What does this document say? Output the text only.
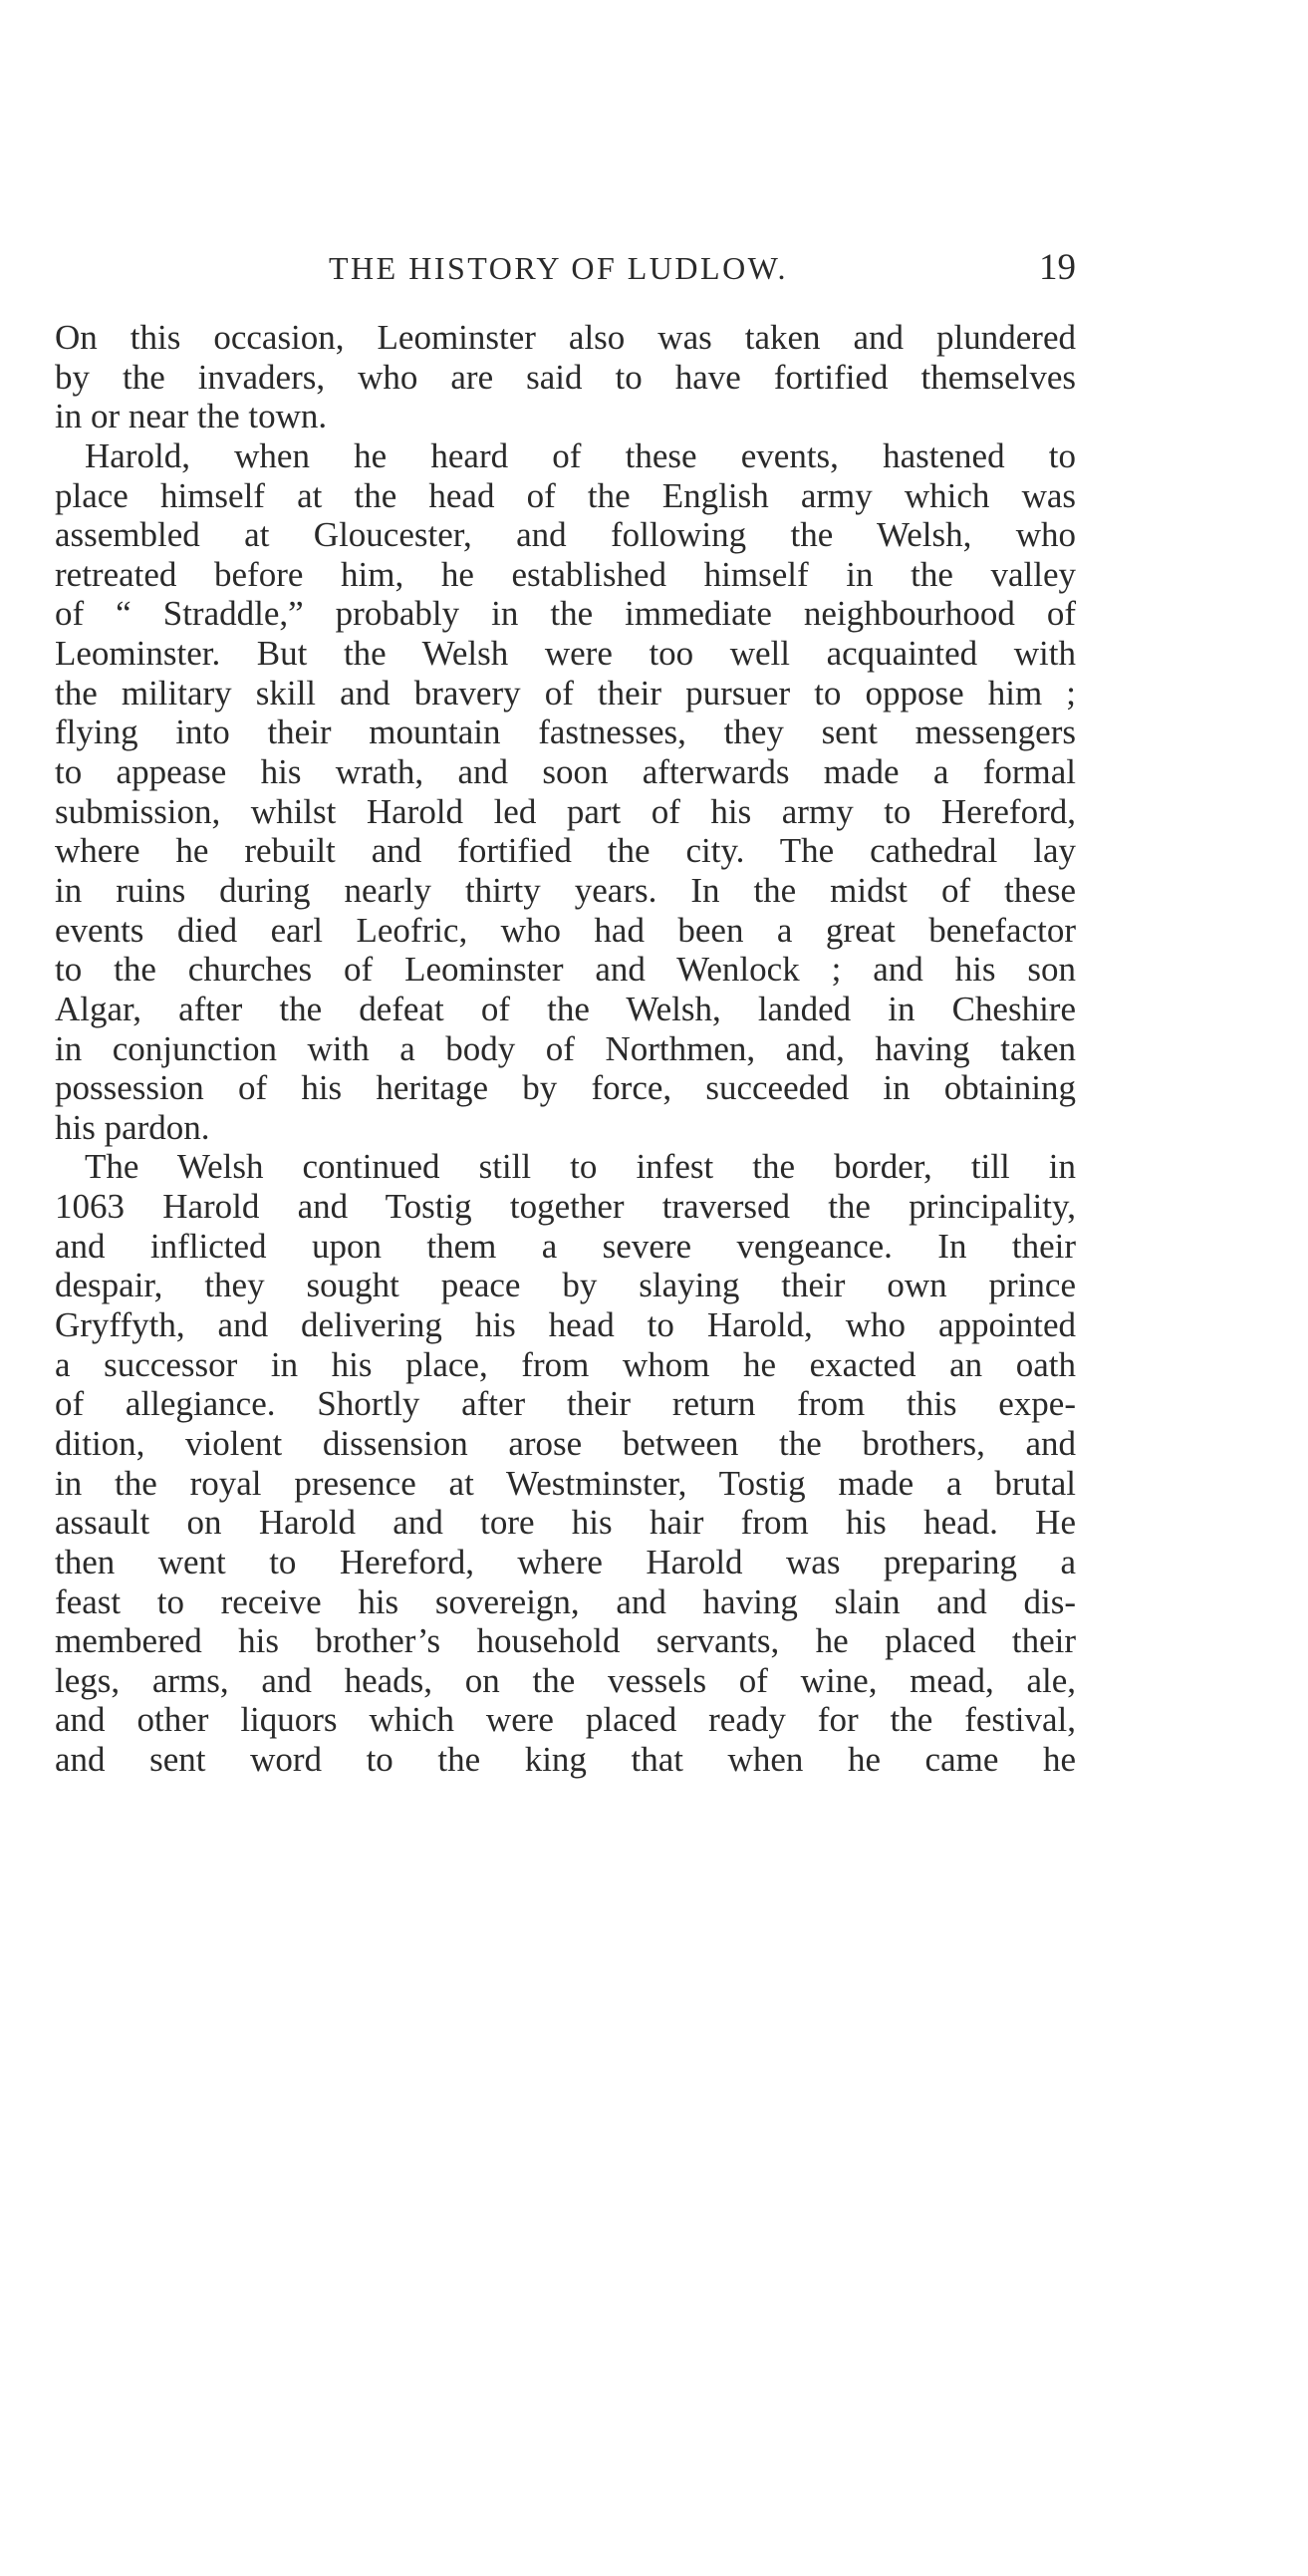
THE HISTORY OF LUDLOW.	19
On this occasion, Leominster also was taken and plundered
by the invaders, who are said to have fortified themselves
in or near the town.
Harold, when he heard of these events, hastened to
place himself at the head of the English army which was
assembled at Gloucester, and following the Welsh, who
retreated before him, he established himself in the valley
of “ Straddle,” probably in the immediate neighbourhood of
Leominster. But the Welsh were too well acquainted with
the military skill and bravery of their pursuer to oppose him ;
flying into their mountain fastnesses, they sent messengers
to appease his wrath, and soon afterwards made a formal
submission, whilst Harold led part of his army to Hereford,
where he rebuilt and fortified the city. The cathedral lay
in ruins during nearly thirty years. In the midst of these
events died earl Leofric, who had been a great benefactor
to the churches of Leominster and Wenlock ; and his son
Algar, after the defeat of the Welsh, landed in Cheshire
in conjunction with a body of Northmen, and, having taken
possession of his heritage by force, succeeded in obtaining
his pardon.
The Welsh continued still to infest the border, till in
1063 Harold and Tostig together traversed the principality,
and inflicted upon them a severe vengeance. In their
despair, they sought peace by slaying their own prince
Gryffyth, and delivering his head to Harold, who appointed
a successor in his place, from whom he exacted an oath
of allegiance. Shortly after their return from this expe-
dition, violent dissension arose between the brothers, and
in the royal presence at Westminster, Tostig made a brutal
assault on Harold and tore his hair from his head. He
then went to Hereford, where Harold was preparing a
feast to receive his sovereign, and having slain and dis-
membered his brother’s household servants, he placed their
legs, arms, and heads, on the vessels of wine, mead, ale,
and other liquors which were placed ready for the festival,
and sent word to the king that when he came he
